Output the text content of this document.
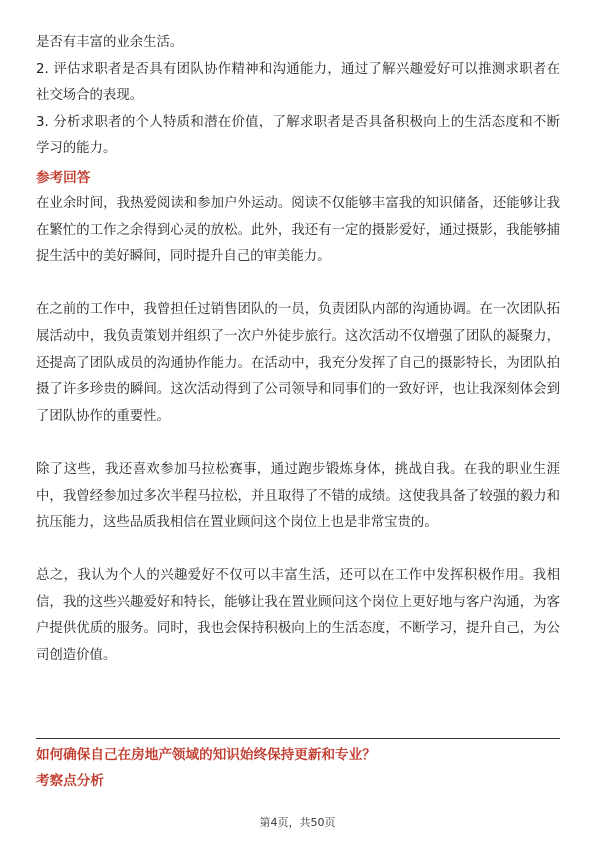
是否有丰富的业余生活。

2. 评估求职者是否具有团队协作精神和沟通能力，通过了解兴趣爱好可以推测求职者在社交场合的表现。

3. 分析求职者的个人特质和潜在价值，了解求职者是否具备积极向上的生活态度和不断学习的能力。

参考回答

在业余时间，我热爱阅读和参加户外运动。阅读不仅能够丰富我的知识储备，还能够让我在繁忙的工作之余得到心灵的放松。此外，我还有一定的摄影爱好，通过摄影，我能够捕捉生活中的美好瞬间，同时提升自己的审美能力。

在之前的工作中，我曾担任过销售团队的一员，负责团队内部的沟通协调。在一次团队拓展活动中，我负责策划并组织了一次户外徒步旅行。这次活动不仅增强了团队的凝聚力，还提高了团队成员的沟通协作能力。在活动中，我充分发挥了自己的摄影特长，为团队拍摄了许多珍贵的瞬间。这次活动得到了公司领导和同事们的一致好评，也让我深刻体会到了团队协作的重要性。

除了这些，我还喜欢参加马拉松赛事，通过跑步锻炼身体，挑战自我。在我的职业生涯中，我曾经参加过多次半程马拉松，并且取得了不错的成绩。这使我具备了较强的毅力和抗压能力，这些品质我相信在置业顾问这个岗位上也是非常宝贵的。

总之，我认为个人的兴趣爱好不仅可以丰富生活，还可以在工作中发挥积极作用。我相信，我的这些兴趣爱好和特长，能够让我在置业顾问这个岗位上更好地与客户沟通，为客户提供优质的服务。同时，我也会保持积极向上的生活态度，不断学习，提升自己，为公司创造价值。

如何确保自己在房地产领域的知识始终保持更新和专业？

考察点分析

第4页，共50页
